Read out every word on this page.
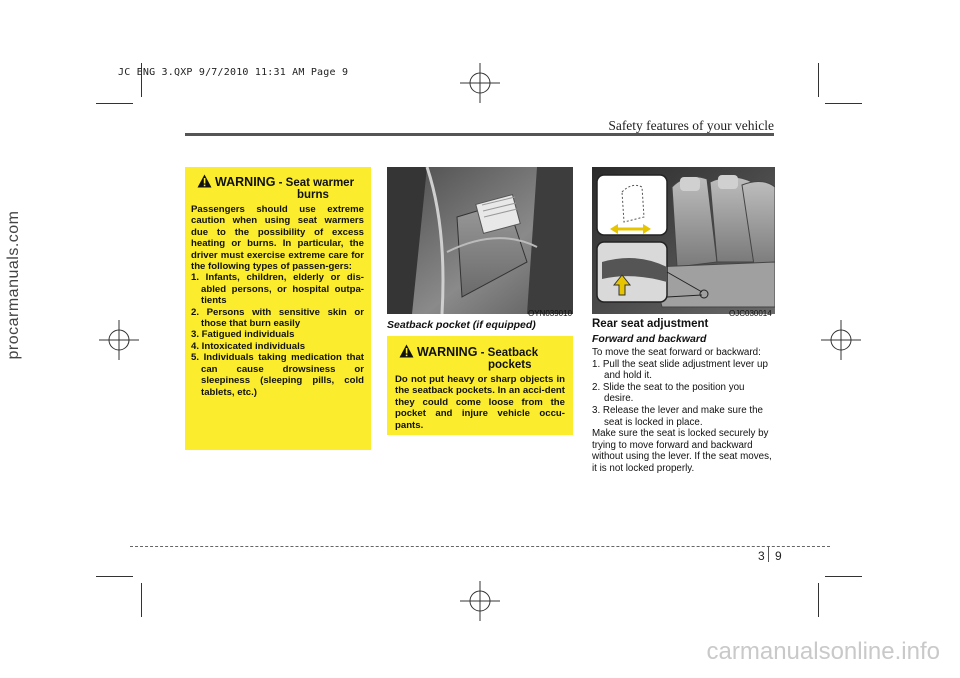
JC ENG 3.QXP 9/7/2010 11:31 AM Page 9
procarmanuals.com
Safety features of your vehicle
WARNING - Seat warmer
burns

Passengers should use extreme caution when using seat warmers due to the possibility of excess heating or burns. In particular, the driver must exercise extreme care for the following types of passen-gers:

1. Infants, children, elderly or dis-abled persons, or hospital outpa-tients

2. Persons with sensitive skin or those that burn easily

3. Fatigued individuals

4. Intoxicated individuals

5. Individuals taking medication that can cause drowsiness or sleepiness (sleeping pills, cold tablets, etc.)

OYN039010
Seatback pocket (if equipped)
WARNING - Seatback
pockets
Do not put heavy or sharp objects in the seatback pockets. In an acci-dent they could come loose from the pocket and injure vehicle occu-pants.
OJC030014
Rear seat adjustment
Forward and backward

To move the seat forward or backward:

1. Pull the seat slide adjustment lever up and hold it.

2. Slide the seat to the position you desire.

3. Release the lever and make sure the seat is locked in place.

Make sure the seat is locked securely by trying to move forward and backward without using the lever. If the seat moves, it is not locked properly.

3 9
carmanualsonline.info
